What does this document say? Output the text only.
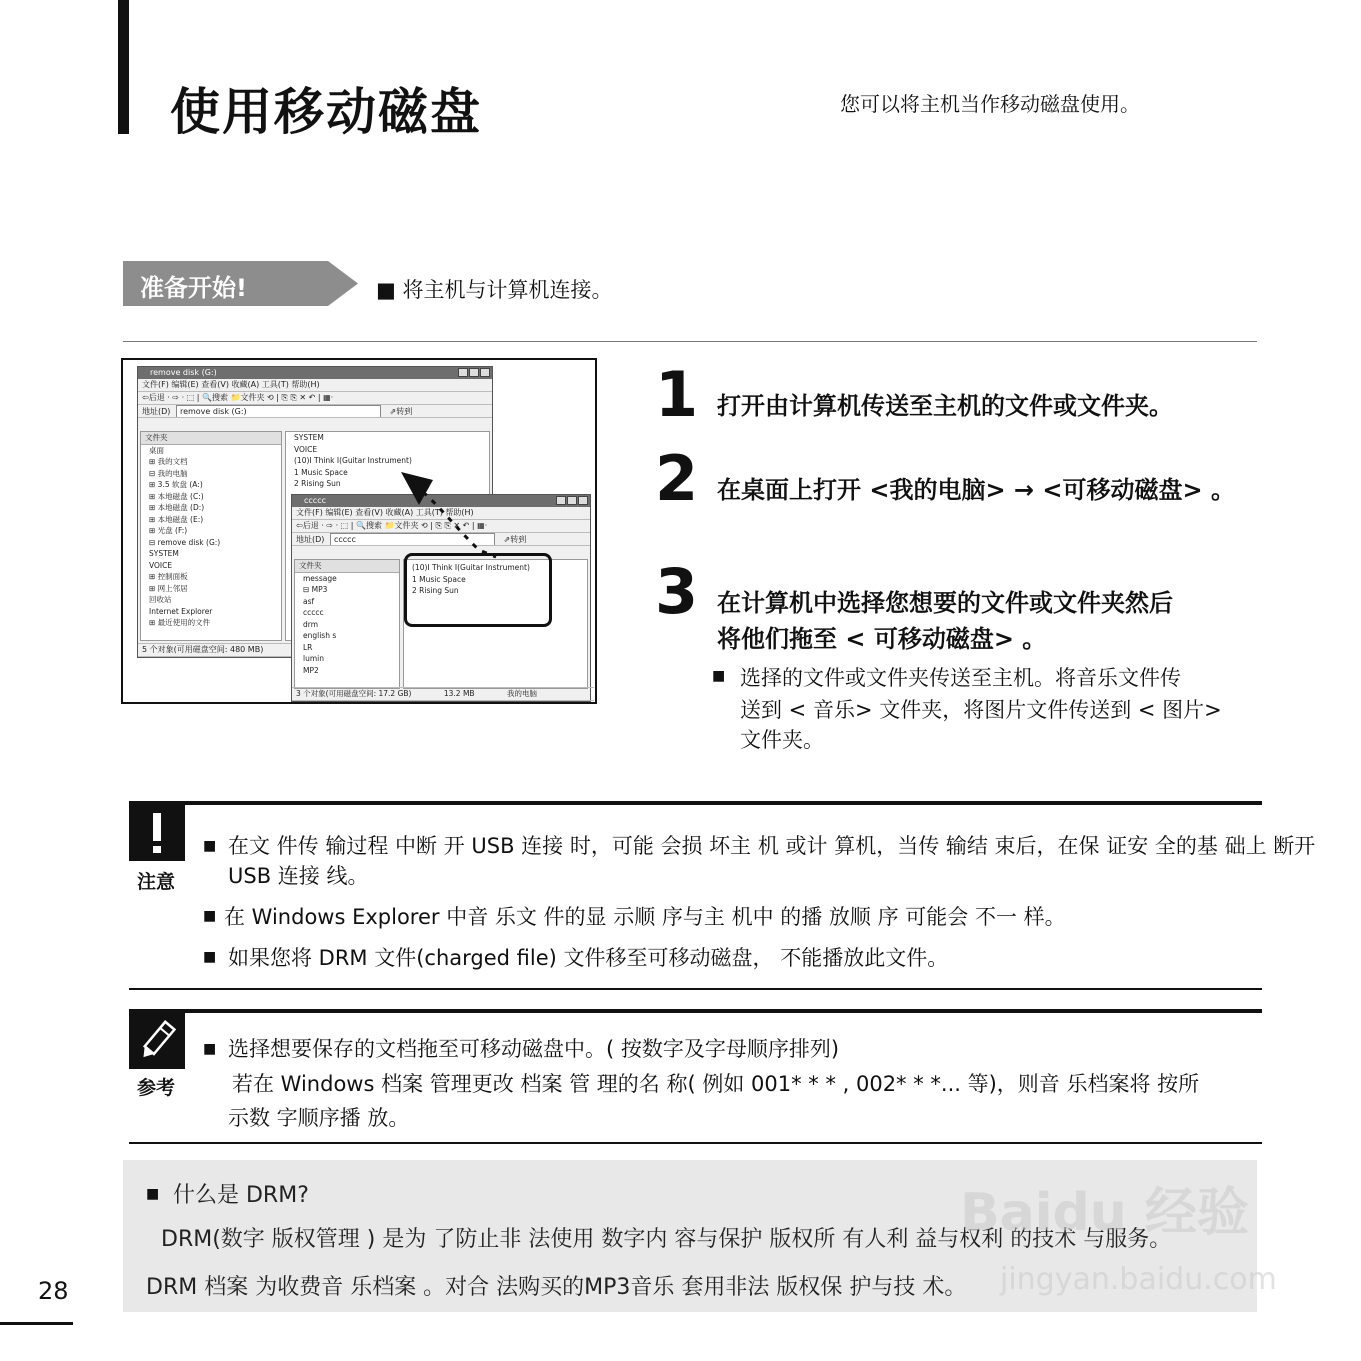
使用移动磁盘	您可以将主机当作移动磁盘使用。
准备开始!	■ 将主机与计算机连接。
remove disk (G:)
文件(F) 编辑(E) 查看(V) 收藏(A) 工具(T) 帮助(H)
⇦后退 · ⇨ · ⬚ | 🔍搜索 📁文件夹 ⟲ | ⎘ ⎘ ✕ ↶ | ▦·
地址(D) remove disk (G:)	⇗转到
文件夹
桌面
⊞ 我的文档
⊟ 我的电脑
⊞ 3.5 软盘 (A:)
⊞ 本地磁盘 (C:)
⊞ 本地磁盘 (D:)
⊞ 本地磁盘 (E:)
⊞ 光盘 (F:)
⊟ remove disk (G:)
SYSTEM
VOICE
⊞ 控制面板
⊞ 网上邻居
回收站
Internet Explorer
⊞ 最近使用的文件
SYSTEM
VOICE
(10)I Think I(Guitar Instrument)
1 Music Space
2 Rising Sun
5 个对象(可用磁盘空间: 480 MB)
ccccc
文件(F) 编辑(E) 查看(V) 收藏(A) 工具(T) 帮助(H)
⇦后退 · ⇨ · ⬚ | 🔍搜索 📁文件夹 ⟲ | ⎘ ⎘ ✕ ↶ | ▦·
地址(D) ccccc	⇗转到
文件夹
message
⊟ MP3
asf
ccccc
drm
english s
LR
lumin
MP2
(10)I Think I(Guitar Instrument)
1 Music Space
2 Rising Sun
3 个对象(可用磁盘空间: 17.2 GB)	13.2 MB	我的电脑
1 打开由计算机传送至主机的文件或文件夹。
2 在桌面上打开 <我的电脑> → <可移动磁盘> 。
3 在计算机中选择您想要的文件或文件夹然后
将他们拖至 < 可移动磁盘> 。
■ 选择的文件或文件夹传送至主机。将音乐文件传
送到 < 音乐> 文件夹，将图片文件传送到 < 图片>
文件夹。
注意
■ 在文 件传 输过程 中断 开 USB 连接 时，可能 会损 坏主 机 或计 算机，当传 输结 束后，在保 证安 全的基 础上 断开
USB 连接 线。
■ 在 Windows Explorer 中音 乐文 件的显 示顺 序与主 机中 的播 放顺 序 可能会 不一 样。
■ 如果您将 DRM 文件(charged file) 文件移至可移动磁盘， 不能播放此文件。
参考
■ 选择想要保存的文档拖至可移动磁盘中。( 按数字及字母顺序排列)
若在 Windows 档案 管理更改 档案 管 理的名 称( 例如 001* * * , 002* * *... 等)，则音 乐档案将 按所
示数 字顺序播 放。
■ 什么是 DRM?
DRM(数字 版权管理 ) 是为 了防止非 法使用 数字内 容与保护 版权所 有人利 益与权利 的技术 与服务。
DRM 档案 为收费音 乐档案 。对合 法购买的MP3音乐 套用非法 版权保 护与技 术。
Baidu 经验
jingyan.baidu.com
28
